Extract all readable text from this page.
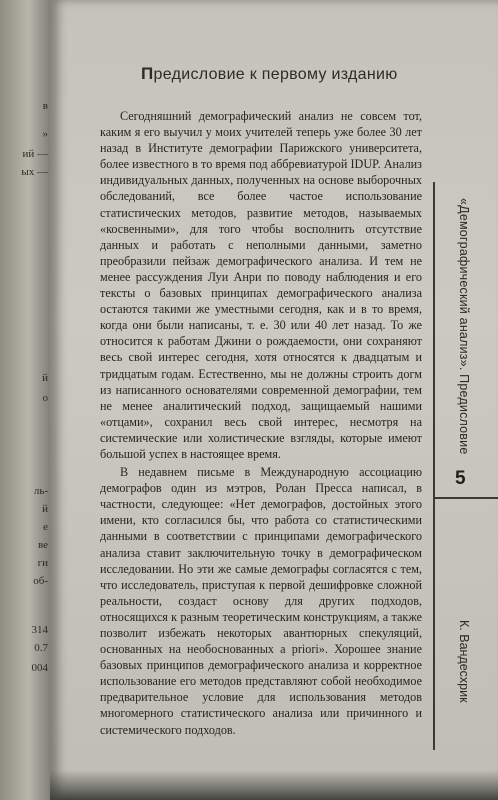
в
»
ий —
ых —
й
о
ль-
й
е
ве
ги
об-
314
0.7
004
Предисловие к первому изданию

Сегодняшний демографический анализ не совсем тот, каким я его выучил у моих учителей теперь уже более 30 лет назад в Институте демографии Парижского университета, более известного в то время под аббревиатурой IDUP. Анализ индивидуальных данных, полученных на основе выборочных обследований, все более частое использование статистических методов, развитие методов, называемых «косвенными», для того чтобы восполнить отсутствие данных и работать с неполными данными, заметно преобразили пейзаж демографического анализа. И тем не менее рассуждения Луи Анри по поводу наблюдения и его тексты о базовых принципах демографического анализа остаются такими же уместными сегодня, как и в то время, когда они были написаны, т. е. 30 или 40 лет назад. То же относится к работам Джини о рождаемости, они сохраняют весь свой интерес сегодня, хотя относятся к двадцатым и тридцатым годам. Естественно, мы не должны строить догм из написанного основателями современной демографии, тем не менее аналитический подход, защищаемый нашими «отцами», сохранил весь свой интерес, несмотря на системические или холистические взгляды, которые имеют большой успех в настоящее время.

В недавнем письме в Международную ассоциацию демографов один из мэтров, Ролан Пресса написал, в частности, следующее: «Нет демографов, достойных этого имени, кто согласился бы, что работа со статистическими данными в соответствии с принципами демографического анализа ставит заключительную точку в демографическом исследовании. Но эти же самые демографы согласятся с тем, что исследователь, приступая к первой дешифровке сложной реальности, создаст основу для других подходов, относящихся к разным теоретическим конструкциям, а также позволит избежать некоторых авантюрных спекуляций, основанных на необоснованных a priori». Хорошее знание базовых принципов демографического анализа и корректное использование его методов представляют собой необходимое предварительное условие для использования методов многомерного статистического анализа или причинного и системического подходов.

5
«Демографический анализ». Предисловие
К. Вандесхрик
